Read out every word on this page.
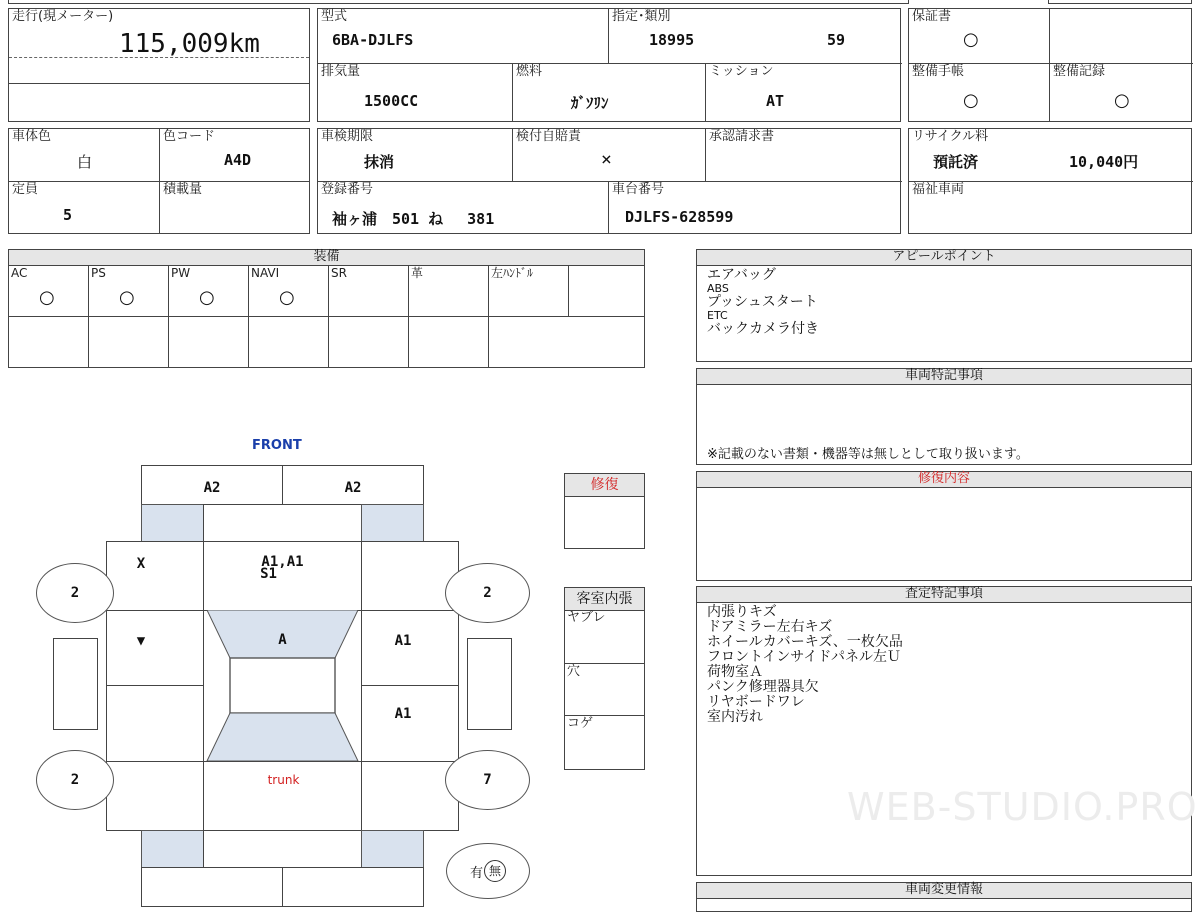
走行(現メーター)
115,009km
型式
6BA-DJLFS
指定･類別
18995	59
排気量
1500CC
燃料
ｶﾞｿﾘﾝ
ミッション
AT
保証書
○
整備手帳
○
整備記録
○
車体色
白
色コード
A4D
定員
5
積載量
車検期限
抹消
検付自賠責
×
承認請求書
登録番号
袖ヶ浦　501 ね　 381
車台番号
DJLFS-628599
リサイクル料
預託済	10,040円
福祉車両
装備
AC
○
PS
○
PW
○
NAVI
○
SR	革	左ﾊﾝﾄﾞﾙ
アピールポイント
エアバッグ
ABS
プッシュスタート
ETC
バックカメラ付き
車両特記事項
※記載のない書類・機器等は無しとして取り扱います。
修復内容
査定特記事項
内張りキズ
ドアミラー左右キズ
ホイールカバーキズ、一枚欠品
フロントインサイドパネル左Ｕ
荷物室Ａ
パンク修理器具欠
リヤボードワレ
室内汚れ
WEB-STUDIO.PRO
車両変更情報
修復
客室内張
ヤブレ
穴
コゲ
FRONT
A2	A2
X	A1,A1
S1
▼	A1
A
A1
trunk
2	2
2	7
有 無
